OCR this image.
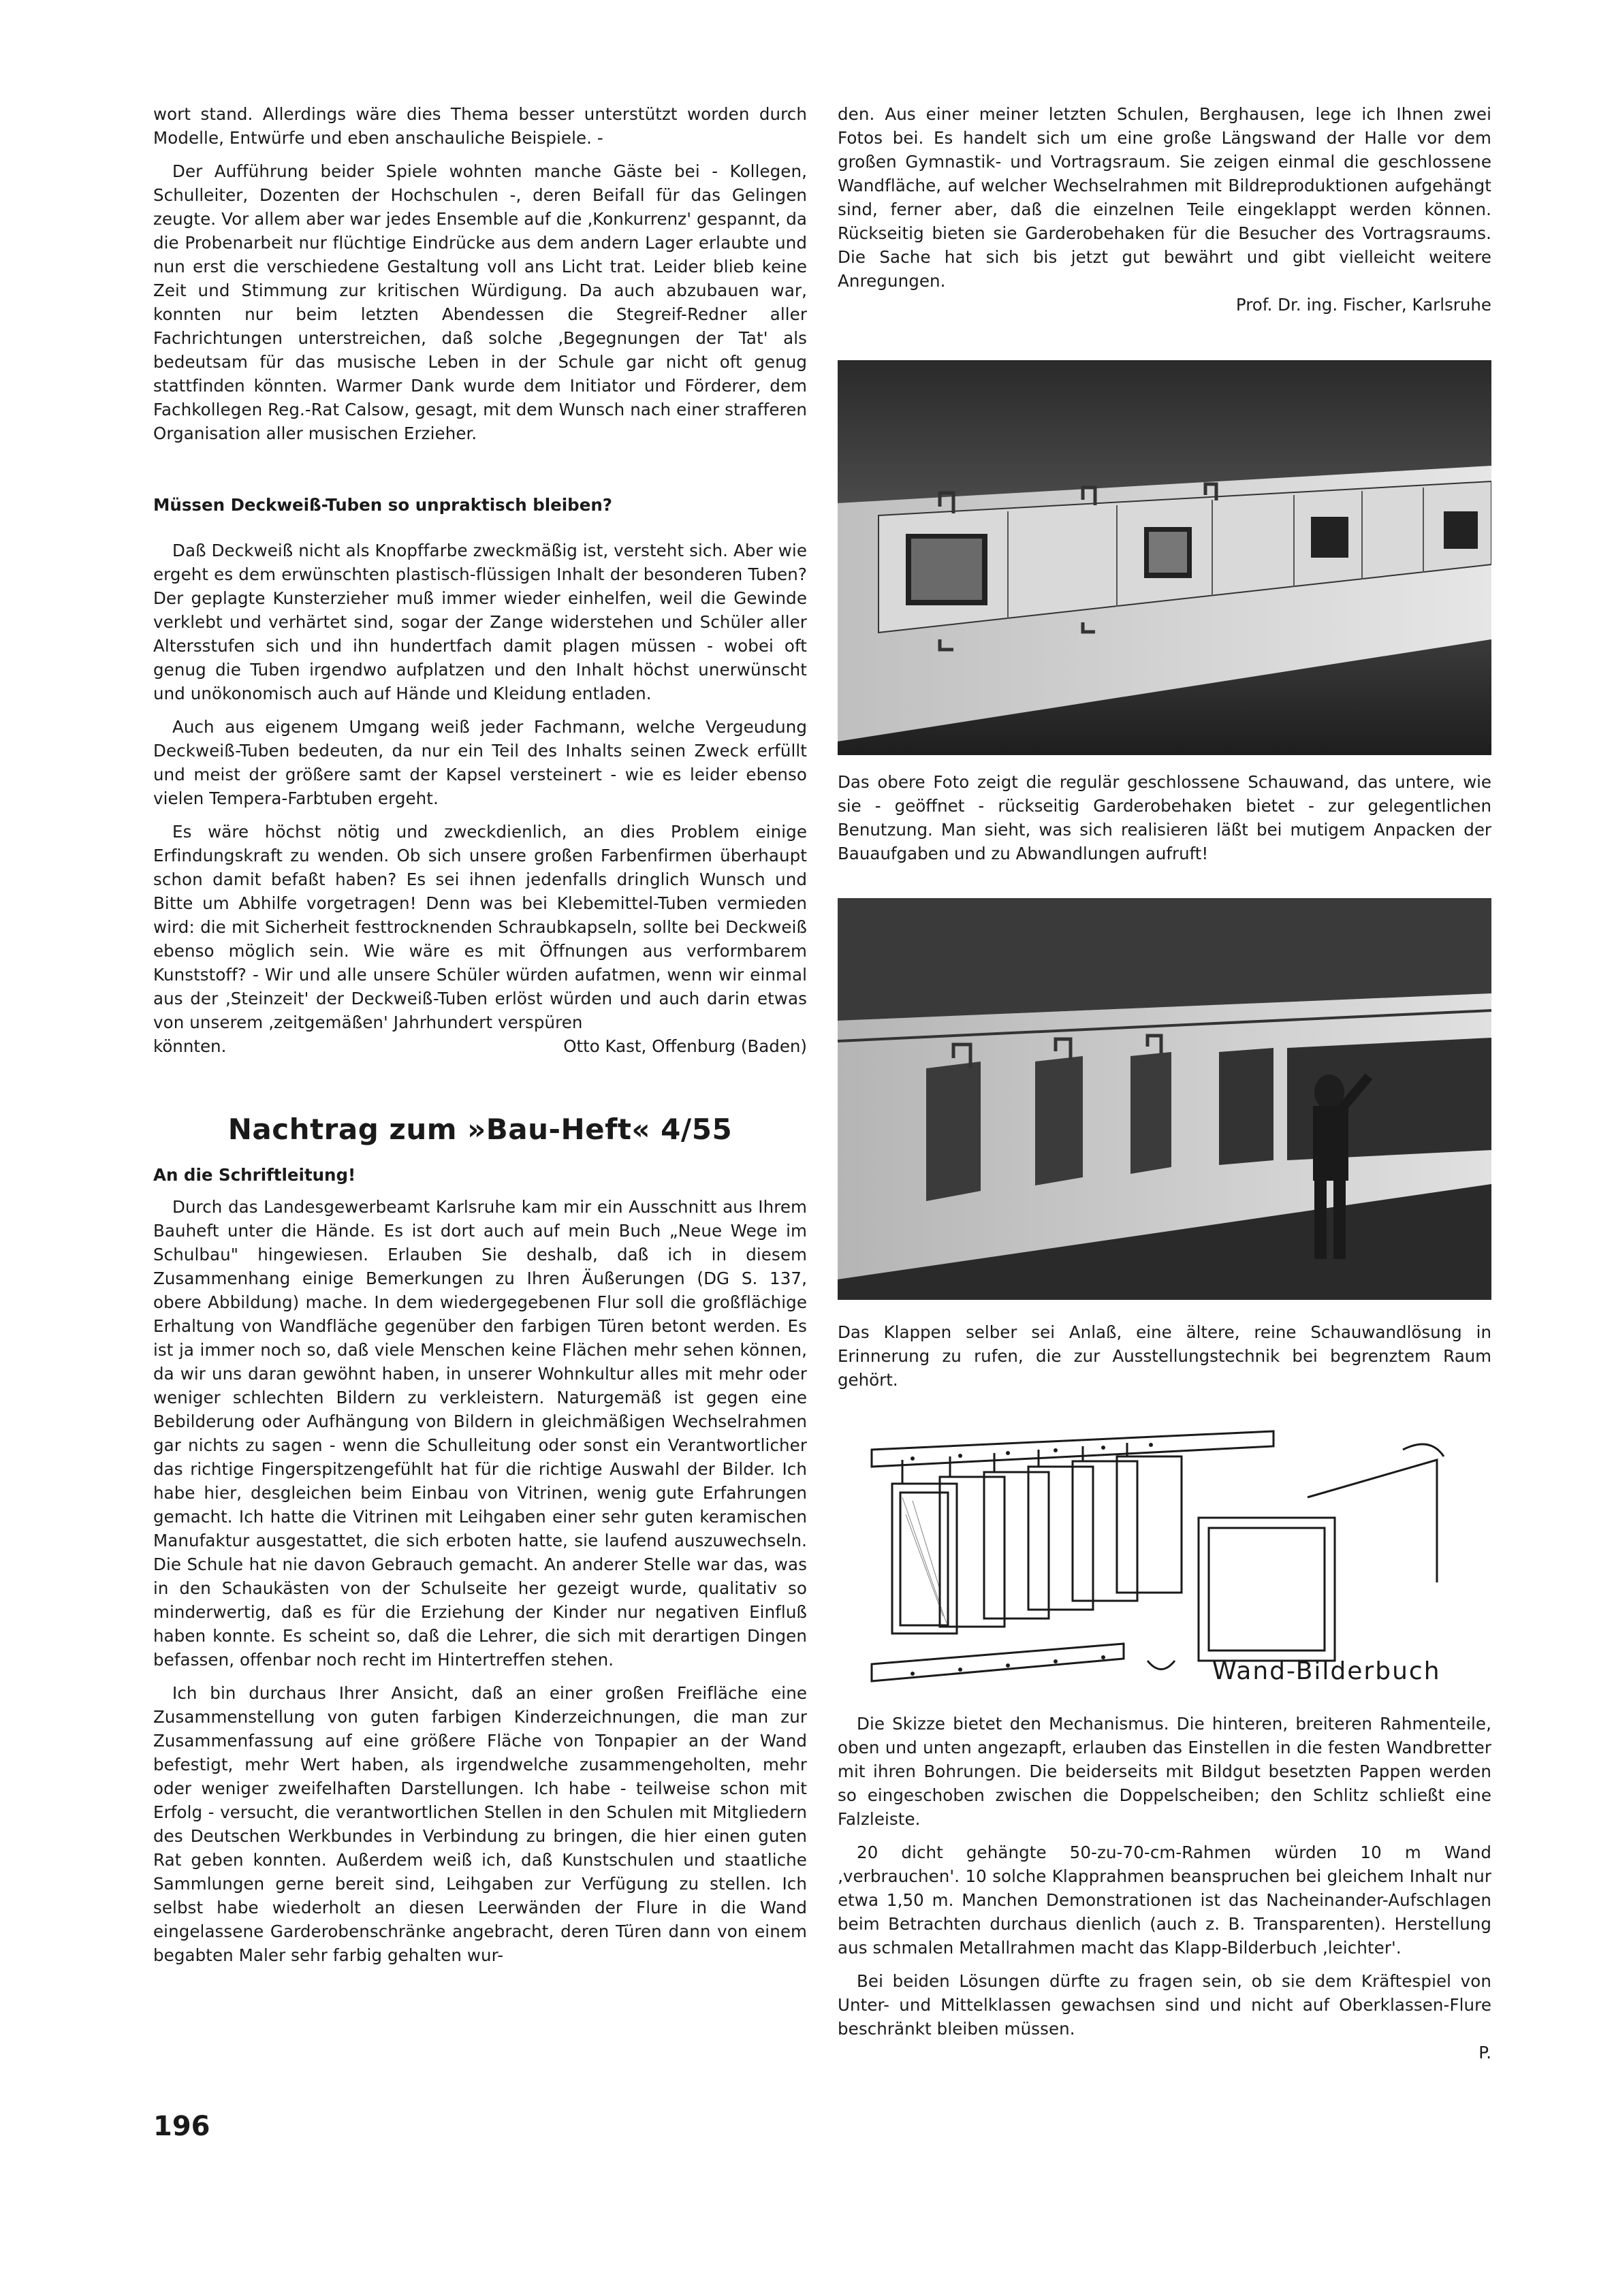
wort stand. Allerdings wäre dies Thema besser unterstützt worden durch Modelle, Entwürfe und eben anschauliche Beispiele. -

Der Aufführung beider Spiele wohnten manche Gäste bei - Kollegen, Schulleiter, Dozenten der Hochschulen -, deren Beifall für das Gelingen zeugte. Vor allem aber war jedes Ensemble auf die ‚Konkurrenz' gespannt, da die Probenarbeit nur flüchtige Eindrücke aus dem andern Lager erlaubte und nun erst die verschiedene Gestaltung voll ans Licht trat. Leider blieb keine Zeit und Stimmung zur kritischen Würdigung. Da auch abzubauen war, konnten nur beim letzten Abendessen die Stegreif-Redner aller Fachrichtungen unterstreichen, daß solche ‚Begegnungen der Tat' als bedeutsam für das musische Leben in der Schule gar nicht oft genug stattfinden könnten. Warmer Dank wurde dem Initiator und Förderer, dem Fachkollegen Reg.-Rat Calsow, gesagt, mit dem Wunsch nach einer strafferen Organisation aller musischen Erzieher.

Müssen Deckweiß-Tuben so unpraktisch bleiben?

Daß Deckweiß nicht als Knopffarbe zweckmäßig ist, versteht sich. Aber wie ergeht es dem erwünschten plastisch-flüssigen Inhalt der besonderen Tuben? Der geplagte Kunsterzieher muß immer wieder einhelfen, weil die Gewinde verklebt und verhärtet sind, sogar der Zange widerstehen und Schüler aller Altersstufen sich und ihn hundertfach damit plagen müssen - wobei oft genug die Tuben irgendwo aufplatzen und den Inhalt höchst unerwünscht und unökonomisch auch auf Hände und Kleidung entladen.

Auch aus eigenem Umgang weiß jeder Fachmann, welche Vergeudung Deckweiß-Tuben bedeuten, da nur ein Teil des Inhalts seinen Zweck erfüllt und meist der größere samt der Kapsel versteinert - wie es leider ebenso vielen Tempera-Farbtuben ergeht.

Es wäre höchst nötig und zweckdienlich, an dies Problem einige Erfindungskraft zu wenden. Ob sich unsere großen Farbenfirmen überhaupt schon damit befaßt haben? Es sei ihnen jedenfalls dringlich Wunsch und Bitte um Abhilfe vorgetragen! Denn was bei Klebemittel-Tuben vermieden wird: die mit Sicherheit festtrocknenden Schraubkapseln, sollte bei Deckweiß ebenso möglich sein. Wie wäre es mit Öffnungen aus verformbarem Kunststoff? - Wir und alle unsere Schüler würden aufatmen, wenn wir einmal aus der ‚Steinzeit' der Deckweiß-Tuben erlöst würden und auch darin etwas von unserem ‚zeitgemäßen' Jahrhundert verspüren

könnten.	Otto Kast, Offenburg (Baden)

Nachtrag zum »Bau-Heft« 4/55

An die Schriftleitung!

Durch das Landesgewerbeamt Karlsruhe kam mir ein Ausschnitt aus Ihrem Bauheft unter die Hände. Es ist dort auch auf mein Buch „Neue Wege im Schulbau" hingewiesen. Erlauben Sie deshalb, daß ich in diesem Zusammenhang einige Bemerkungen zu Ihren Äußerungen (DG S. 137, obere Abbildung) mache. In dem wiedergegebenen Flur soll die großflächige Erhaltung von Wandfläche gegenüber den farbigen Türen betont werden. Es ist ja immer noch so, daß viele Menschen keine Flächen mehr sehen können, da wir uns daran gewöhnt haben, in unserer Wohnkultur alles mit mehr oder weniger schlechten Bildern zu verkleistern. Naturgemäß ist gegen eine Bebilderung oder Aufhängung von Bildern in gleichmäßigen Wechselrahmen gar nichts zu sagen - wenn die Schulleitung oder sonst ein Verantwortlicher das richtige Fingerspitzengefühlt hat für die richtige Auswahl der Bilder. Ich habe hier, desgleichen beim Einbau von Vitrinen, wenig gute Erfahrungen gemacht. Ich hatte die Vitrinen mit Leihgaben einer sehr guten keramischen Manufaktur ausgestattet, die sich erboten hatte, sie laufend auszuwechseln. Die Schule hat nie davon Gebrauch gemacht. An anderer Stelle war das, was in den Schaukästen von der Schulseite her gezeigt wurde, qualitativ so minderwertig, daß es für die Erziehung der Kinder nur negativen Einfluß haben konnte. Es scheint so, daß die Lehrer, die sich mit derartigen Dingen befassen, offenbar noch recht im Hintertreffen stehen.

Ich bin durchaus Ihrer Ansicht, daß an einer großen Freifläche eine Zusammenstellung von guten farbigen Kinderzeichnungen, die man zur Zusammenfassung auf eine größere Fläche von Tonpapier an der Wand befestigt, mehr Wert haben, als irgendwelche zusammengeholten, mehr oder weniger zweifelhaften Darstellungen. Ich habe - teilweise schon mit Erfolg - versucht, die verantwortlichen Stellen in den Schulen mit Mitgliedern des Deutschen Werkbundes in Verbindung zu bringen, die hier einen guten Rat geben konnten. Außerdem weiß ich, daß Kunstschulen und staatliche Sammlungen gerne bereit sind, Leihgaben zur Verfügung zu stellen. Ich selbst habe wiederholt an diesen Leerwänden der Flure in die Wand eingelassene Garderobenschränke angebracht, deren Türen dann von einem begabten Maler sehr farbig gehalten wur-

den. Aus einer meiner letzten Schulen, Berghausen, lege ich Ihnen zwei Fotos bei. Es handelt sich um eine große Längswand der Halle vor dem großen Gymnastik- und Vortragsraum. Sie zeigen einmal die geschlossene Wandfläche, auf welcher Wechselrahmen mit Bildreproduktionen aufgehängt sind, ferner aber, daß die einzelnen Teile eingeklappt werden können. Rückseitig bieten sie Garderobehaken für die Besucher des Vortragsraums. Die Sache hat sich bis jetzt gut bewährt und gibt vielleicht weitere Anregungen.

Prof. Dr. ing. Fischer, Karlsruhe

Das obere Foto zeigt die regulär geschlossene Schauwand, das untere, wie sie - geöffnet - rückseitig Garderobehaken bietet - zur gelegentlichen Benutzung. Man sieht, was sich realisieren läßt bei mutigem Anpacken der Bauaufgaben und zu Abwandlungen aufruft!

Das Klappen selber sei Anlaß, eine ältere, reine Schauwandlösung in Erinnerung zu rufen, die zur Ausstellungstechnik bei begrenztem Raum gehört.

Wand-Bilderbuch

Die Skizze bietet den Mechanismus. Die hinteren, breiteren Rahmenteile, oben und unten angezapft, erlauben das Einstellen in die festen Wandbretter mit ihren Bohrungen. Die beiderseits mit Bildgut besetzten Pappen werden so eingeschoben zwischen die Doppelscheiben; den Schlitz schließt eine Falzleiste.

20 dicht gehängte 50-zu-70-cm-Rahmen würden 10 m Wand ‚verbrauchen'. 10 solche Klapprahmen beanspruchen bei gleichem Inhalt nur etwa 1,50 m. Manchen Demonstrationen ist das Nacheinander-Aufschlagen beim Betrachten durchaus dienlich (auch z. B. Transparenten). Herstellung aus schmalen Metallrahmen macht das Klapp-Bilderbuch ‚leichter'.

Bei beiden Lösungen dürfte zu fragen sein, ob sie dem Kräftespiel von Unter- und Mittelklassen gewachsen sind und nicht auf Oberklassen-Flure beschränkt bleiben müssen.

P.
196
